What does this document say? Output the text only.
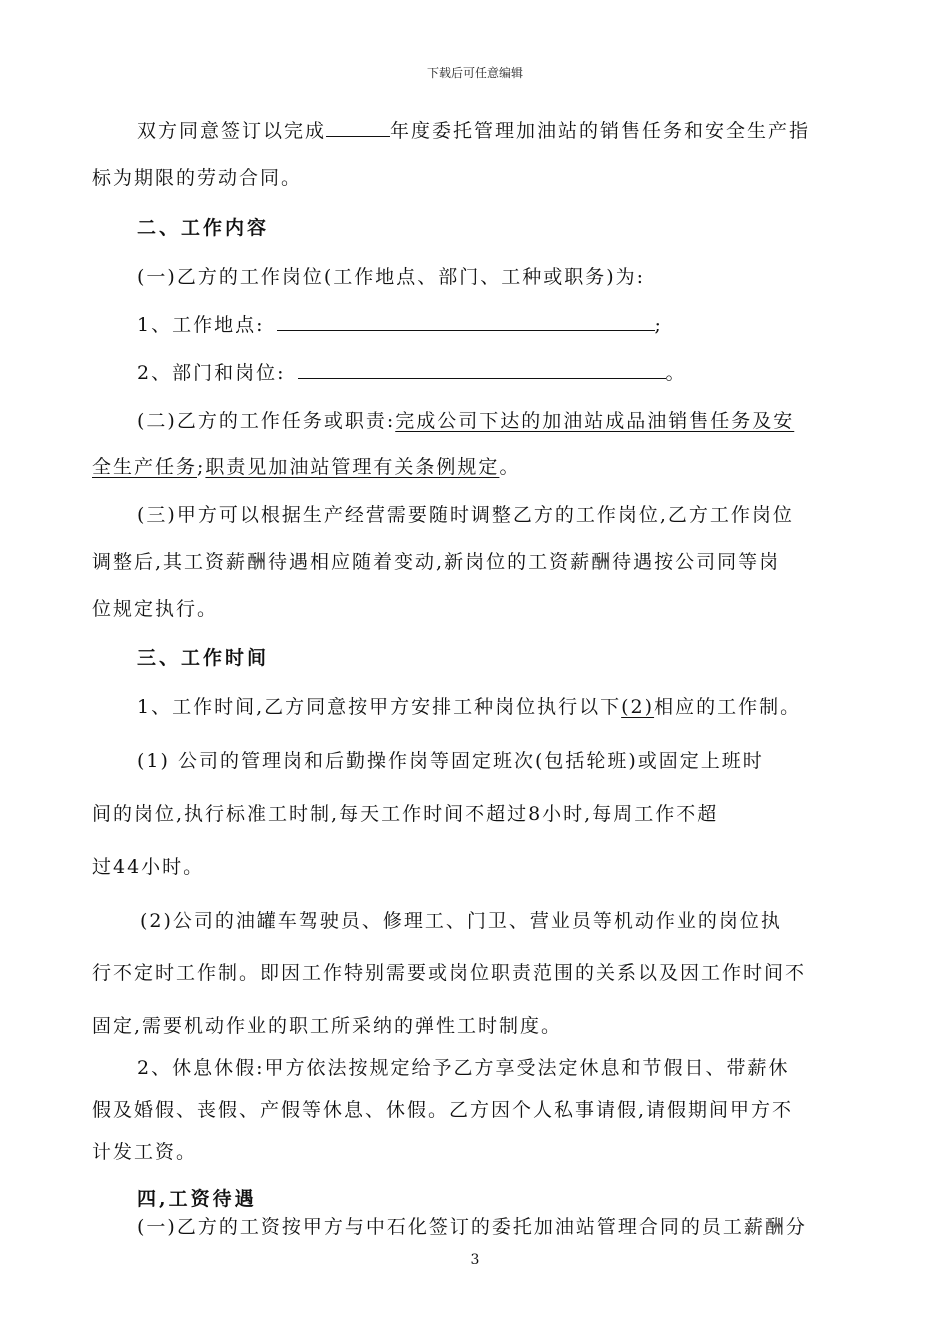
下载后可任意编辑
双方同意签订以完成	年度委托管理加油站的销售任务和安全生产指
标为期限的劳动合同。
二、工作内容
(一)乙方的工作岗位(工作地点、部门、工种或职务)为:
1、工作地点:	;
2、部门和岗位:	。
(二)乙方的工作任务或职责:完成公司下达的加油站成品油销售任务及安
全生产任务;职责见加油站管理有关条例规定。
(三)甲方可以根据生产经营需要随时调整乙方的工作岗位,乙方工作岗位
调整后,其工资薪酬待遇相应随着变动,新岗位的工资薪酬待遇按公司同等岗
位规定执行。
三、工作时间
1、工作时间,乙方同意按甲方安排工种岗位执行以下(2)相应的工作制。
(1) 公司的管理岗和后勤操作岗等固定班次(包括轮班)或固定上班时
间的岗位,执行标准工时制,每天工作时间不超过8小时,每周工作不超
过44小时。
(2)公司的油罐车驾驶员、修理工、门卫、营业员等机动作业的岗位执
行不定时工作制。即因工作特别需要或岗位职责范围的关系以及因工作时间不
固定,需要机动作业的职工所采纳的弹性工时制度。
2、休息休假:甲方依法按规定给予乙方享受法定休息和节假日、带薪休
假及婚假、丧假、产假等休息、休假。乙方因个人私事请假,请假期间甲方不
计发工资。
四,工资待遇
(一)乙方的工资按甲方与中石化签订的委托加油站管理合同的员工薪酬分
3
